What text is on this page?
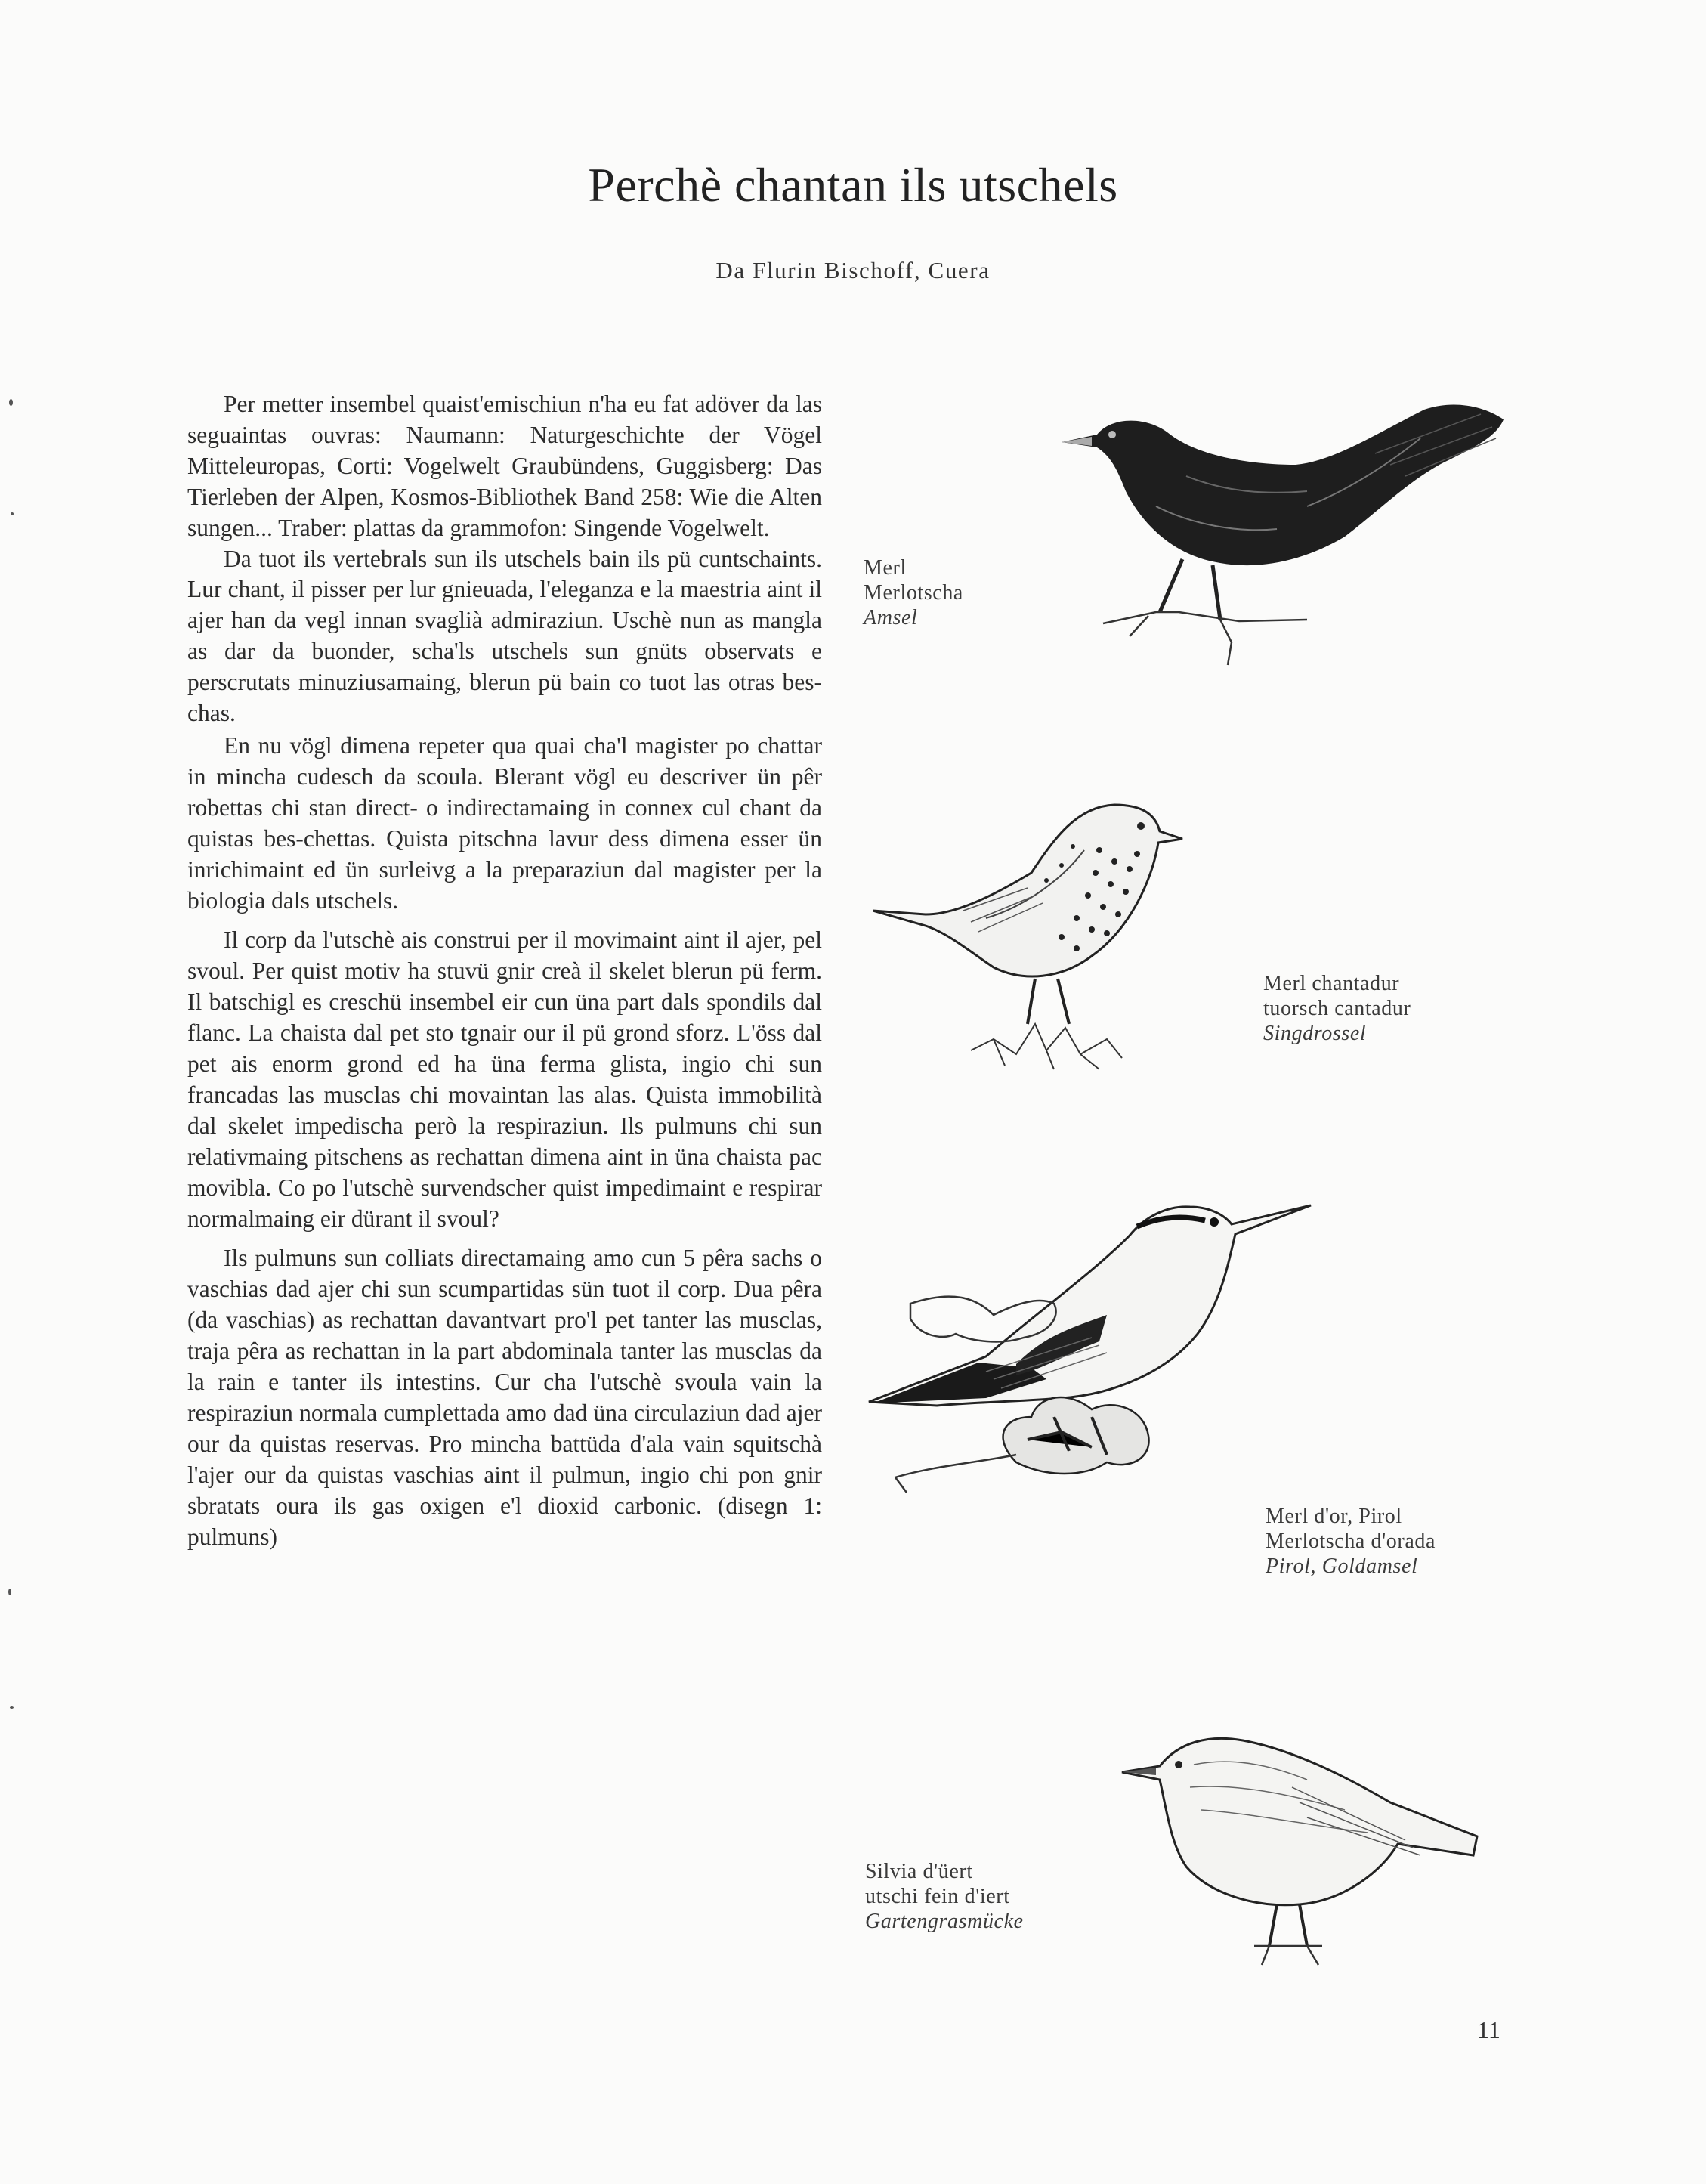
Perchè chantan ils utschels
Da Flurin Bischoff, Cuera

Per metter insembel quaist'emischiun n'ha eu fat adöver da las seguaintas ouvras: Naumann: Naturgeschichte der Vögel Mitteleuropas, Corti: Vogelwelt Graubündens, Guggisberg: Das Tierleben der Alpen, Kosmos-Bibliothek Band 258: Wie die Alten sungen... Traber: plattas da grammofon: Singende Vogelwelt.

Da tuot ils vertebrals sun ils utschels bain ils pü cuntschaints. Lur chant, il pisser per lur gnieuada, l'eleganza e la maestria aint il ajer han da vegl innan svaglià admiraziun. Uschè nun as mangla as dar da buonder, scha'ls utschels sun gnüts observats e perscrutats minuziusamaing, blerun pü bain co tuot las otras bes-chas.

En nu vögl dimena repeter qua quai cha'l magister po chattar in mincha cudesch da scoula. Blerant vögl eu descriver ün pêr robettas chi stan direct- o indirectamaing in connex cul chant da quistas bes-chettas. Quista pitschna lavur dess dimena esser ün inrichimaint ed ün surleivg a la preparaziun dal magister per la biologia dals utschels.

Il corp da l'utschè ais construi per il movimaint aint il ajer, pel svoul. Per quist motiv ha stuvü gnir creà il skelet blerun pü ferm. Il batschigl es creschü insembel eir cun üna part dals spondils dal flanc. La chaista dal pet sto tgnair our il pü grond sforz. L'öss dal pet ais enorm grond ed ha üna ferma glista, ingio chi sun francadas las musclas chi movaintan las alas. Quista immobilità dal skelet impedischa però la respiraziun. Ils pulmuns chi sun relativmaing pitschens as rechattan dimena aint in üna chaista pac movibla. Co po l'utschè survendscher quist impedimaint e respirar normalmaing eir dürant il svoul?

Ils pulmuns sun colliats directamaing amo cun 5 pêra sachs o vaschias dad ajer chi sun scumpartidas sün tuot il corp. Dua pêra (da vaschias) as rechattan davantvart pro'l pet tanter las musclas, traja pêra as rechattan in la part abdominala tanter las musclas da la rain e tanter ils intestins. Cur cha l'utschè svoula vain la respiraziun normala cumplettada amo dad üna circulaziun dad ajer our da quistas reservas. Pro mincha battüda d'ala vain squitschà l'ajer our da quistas vaschias aint il pulmun, ingio chi pon gnir sbratats oura ils gas oxigen e'l dioxid carbonic. (disegn 1: pulmuns)

Merl
Merlotscha
Amsel
Merl chantadur
tuorsch cantadur
Singdrossel
Merl d'or, Pirol
Merlotscha d'orada
Pirol, Goldamsel
Silvia d'üert
utschi fein d'iert
Gartengrasmücke
11
